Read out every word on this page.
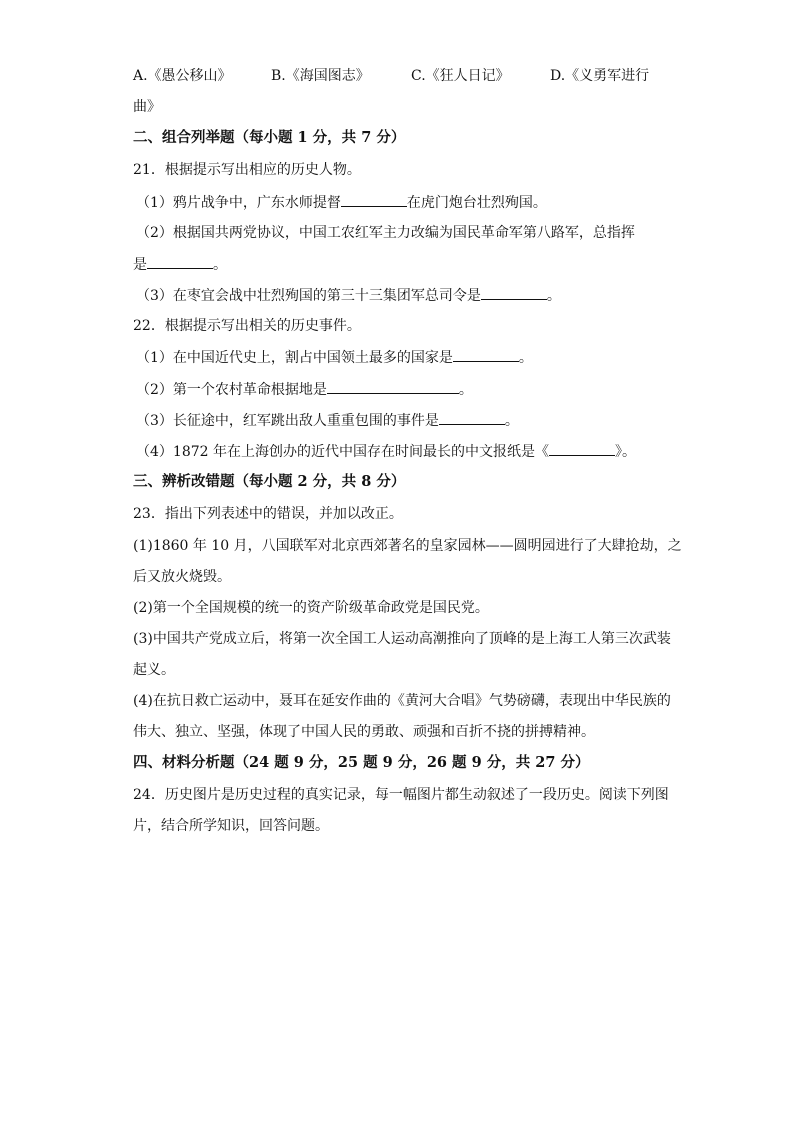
A.《愚公移山》	B.《海国图志》	C.《狂人日记》	D.《义勇军进行
曲》
二、组合列举题（每小题 1 分，共 7 分）
21．根据提示写出相应的历史人物。
（1）鸦片战争中，广东水师提督	在虎门炮台壮烈殉国。
（2）根据国共两党协议，中国工农红军主力改编为国民革命军第八路军，总指挥
是	。
（3）在枣宜会战中壮烈殉国的第三十三集团军总司令是	。
22．根据提示写出相关的历史事件。
（1）在中国近代史上，割占中国领土最多的国家是	。
（2）第一个农村革命根据地是	。
（3）长征途中，红军跳出敌人重重包围的事件是	。
（4）1872 年在上海创办的近代中国存在时间最长的中文报纸是《	》。
三、辨析改错题（每小题 2 分，共 8 分）
23．指出下列表述中的错误，并加以改正。
(1)1860 年 10 月，八国联军对北京西郊著名的皇家园林——圆明园进行了大肆抢劫，之
后又放火烧毁。
(2)第一个全国规模的统一的资产阶级革命政党是国民党。
(3)中国共产党成立后，将第一次全国工人运动高潮推向了顶峰的是上海工人第三次武装
起义。
(4)在抗日救亡运动中，聂耳在延安作曲的《黄河大合唱》气势磅礴，表现出中华民族的
伟大、独立、坚强，体现了中国人民的勇敢、顽强和百折不挠的拼搏精神。
四、材料分析题（24 题 9 分，25 题 9 分，26 题 9 分，共 27 分）
24．历史图片是历史过程的真实记录，每一幅图片都生动叙述了一段历史。阅读下列图
片，结合所学知识，回答问题。
